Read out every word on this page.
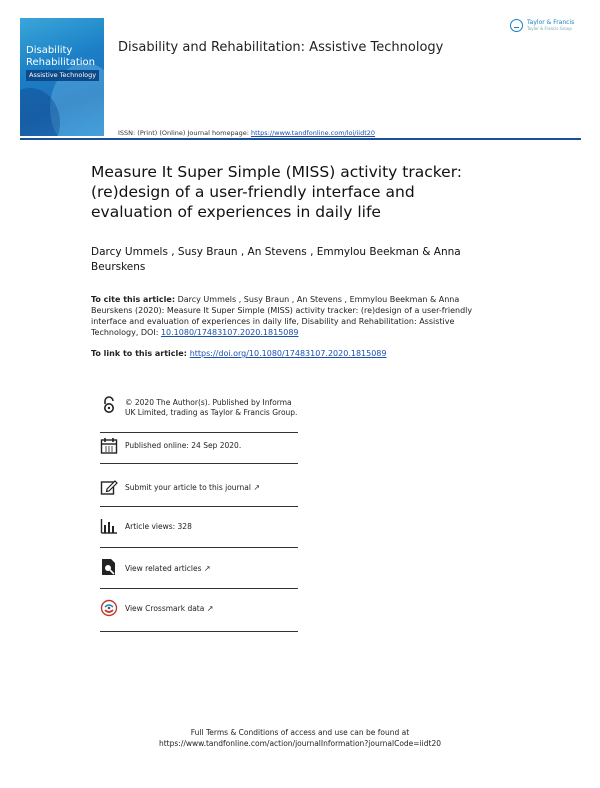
Disability
Rehabilitation
Assistive Technology
Disability and Rehabilitation: Assistive Technology
Taylor & Francis
Taylor & Francis Group
ISSN: (Print) (Online) Journal homepage: https://www.tandfonline.com/loi/iidt20
Measure It Super Simple (MISS) activity tracker:
(re)design of a user-friendly interface and
evaluation of experiences in daily life
Darcy Ummels , Susy Braun , An Stevens , Emmylou Beekman & Anna
Beurskens
To cite this article: Darcy Ummels , Susy Braun , An Stevens , Emmylou Beekman & Anna
Beurskens (2020): Measure It Super Simple (MISS) activity tracker: (re)design of a user-friendly
interface and evaluation of experiences in daily life, Disability and Rehabilitation: Assistive
Technology, DOI: 10.1080/17483107.2020.1815089
To link to this article: https://doi.org/10.1080/17483107.2020.1815089
© 2020 The Author(s). Published by Informa UK Limited, trading as Taylor & Francis Group.
Published online: 24 Sep 2020.
Submit your article to this journal ↗
Article views: 328
View related articles ↗
View Crossmark data ↗
Full Terms & Conditions of access and use can be found at
https://www.tandfonline.com/action/journalInformation?journalCode=iidt20
